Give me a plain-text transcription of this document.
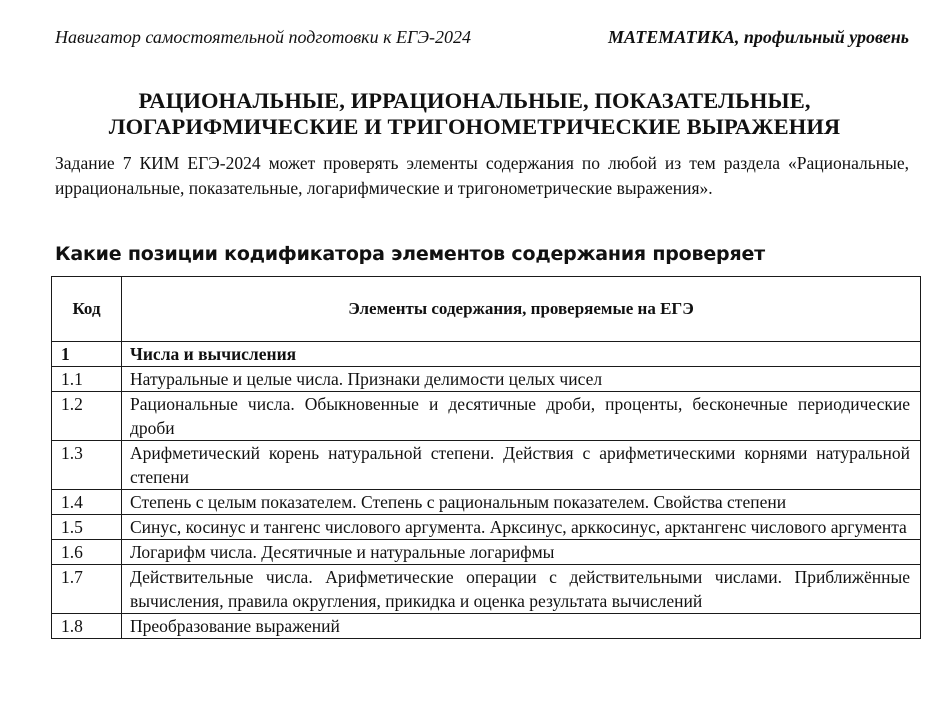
Навигатор самостоятельной подготовки к ЕГЭ-2024	МАТЕМАТИКА, профильный уровень
РАЦИОНАЛЬНЫЕ, ИРРАЦИОНАЛЬНЫЕ, ПОКАЗАТЕЛЬНЫЕ,
ЛОГАРИФМИЧЕСКИЕ И ТРИГОНОМЕТРИЧЕСКИЕ ВЫРАЖЕНИЯ
Задание 7 КИМ ЕГЭ-2024 может проверять элементы содержания по любой из тем раздела «Рациональные, иррациональные, показательные, логарифмические и тригонометрические выражения».
Какие позиции кодификатора элементов содержания проверяет
Код	Элементы содержания, проверяемые на ЕГЭ
1	Числа и вычисления
1.1	Натуральные и целые числа. Признаки делимости целых чисел
1.2	Рациональные числа. Обыкновенные и десятичные дроби, проценты, бесконечные периодические дроби
1.3	Арифметический корень натуральной степени. Действия с арифметическими корнями натуральной степени
1.4	Степень с целым показателем. Степень с рациональным показателем. Свойства степени
1.5	Синус, косинус и тангенс числового аргумента. Арксинус, арккосинус, арктангенс числового аргумента
1.6	Логарифм числа. Десятичные и натуральные логарифмы
1.7	Действительные числа. Арифметические операции с действительными числами. Приближённые вычисления, правила округления, прикидка и оценка результата вычислений
1.8	Преобразование выражений
